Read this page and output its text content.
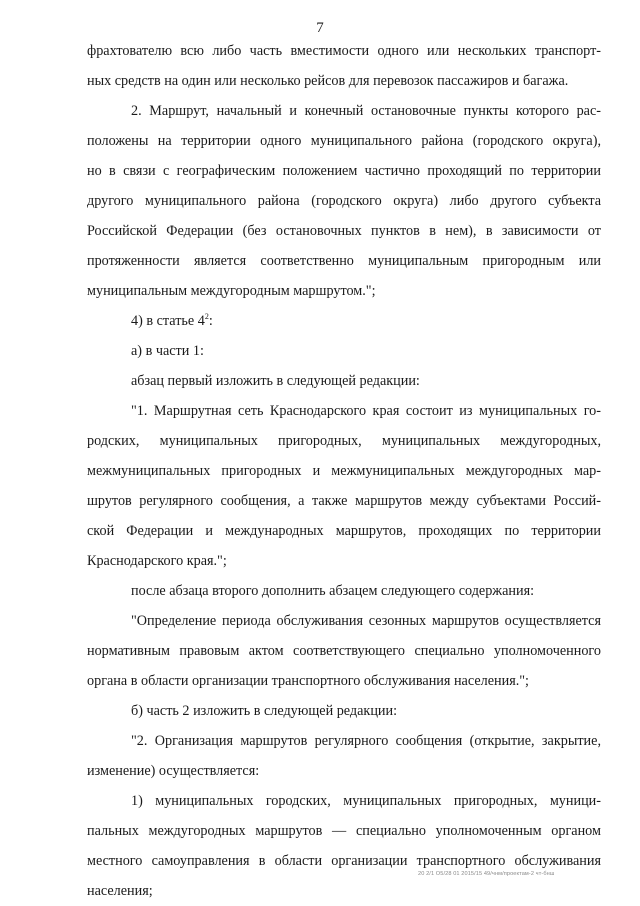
7
фрахтователю всю либо часть вместимости одного или нескольких транспорт-
ных средств на один или несколько рейсов для перевозок пассажиров и багажа.
2. Маршрут, начальный и конечный остановочные пункты которого рас-
положены на территории одного муниципального района (городского округа),
но в связи с географическим положением частично проходящий по территории
другого муниципального района (городского округа) либо другого субъекта
Российской Федерации (без остановочных пунктов в нем), в зависимости от
протяженности является соответственно муниципальным пригородным или
муниципальным междугородным маршрутом.";
4) в статье $4^2$:
а) в части 1:
абзац первый изложить в следующей редакции:
"1. Маршрутная сеть Краснодарского края состоит из муниципальных го-
родских, муниципальных пригородных, муниципальных междугородных,
межмуниципальных пригородных и межмуниципальных междугородных мар-
шрутов регулярного сообщения, а также маршрутов между субъектами Россий-
ской Федерации и международных маршрутов, проходящих по территории
Краснодарского края.";
после абзаца второго дополнить абзацем следующего содержания:
"Определение периода обслуживания сезонных маршрутов осуществляется
нормативным правовым актом соответствующего специально уполномоченного
органа в области организации транспортного обслуживания населения.";
б) часть 2 изложить в следующей редакции:
"2. Организация маршрутов регулярного сообщения (открытие, закрытие,
изменение) осуществляется:
1) муниципальных городских, муниципальных пригородных, муници-
пальных междугородных маршрутов — специально уполномоченным органом
местного самоуправления в области организации транспортного обслуживания
населения;
20 2/1 O5/28 01 2015/15 49/чнм/проектам-2 чт-бнш
